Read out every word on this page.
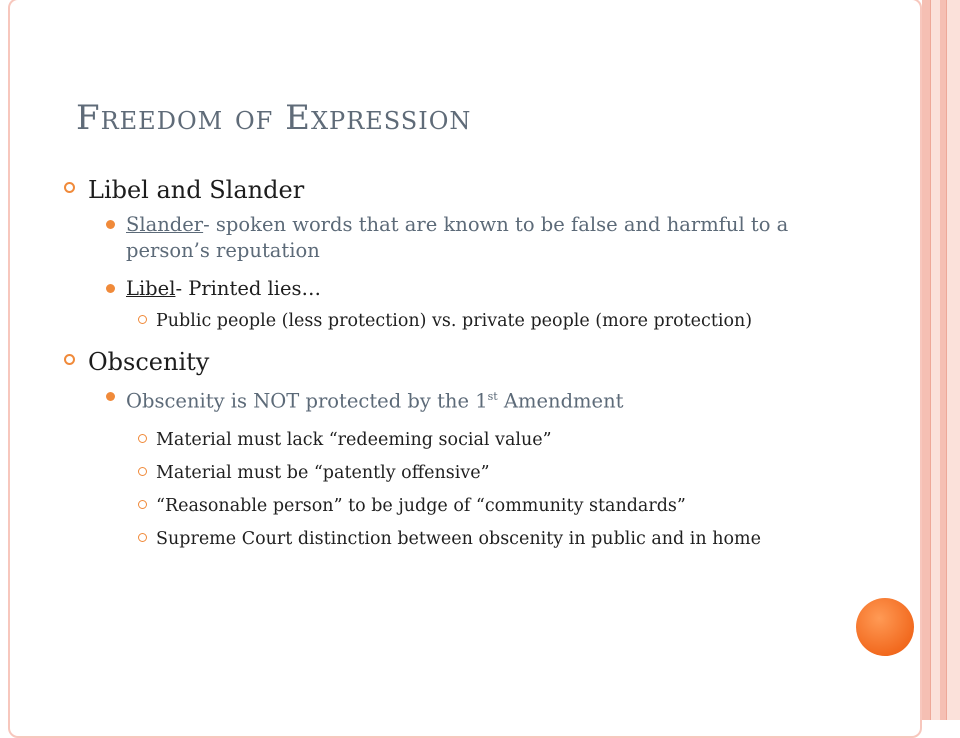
Freedom of Expression
Libel and Slander
Slander- spoken words that are known to be false and harmful to a person’s reputation
Libel- Printed lies…
Public people (less protection) vs. private people (more protection)
Obscenity
Obscenity is NOT protected by the 1st Amendment
Material must lack “redeeming social value”
Material must be “patently offensive”
“Reasonable person” to be judge of “community standards”
Supreme Court distinction between obscenity in public and in home
